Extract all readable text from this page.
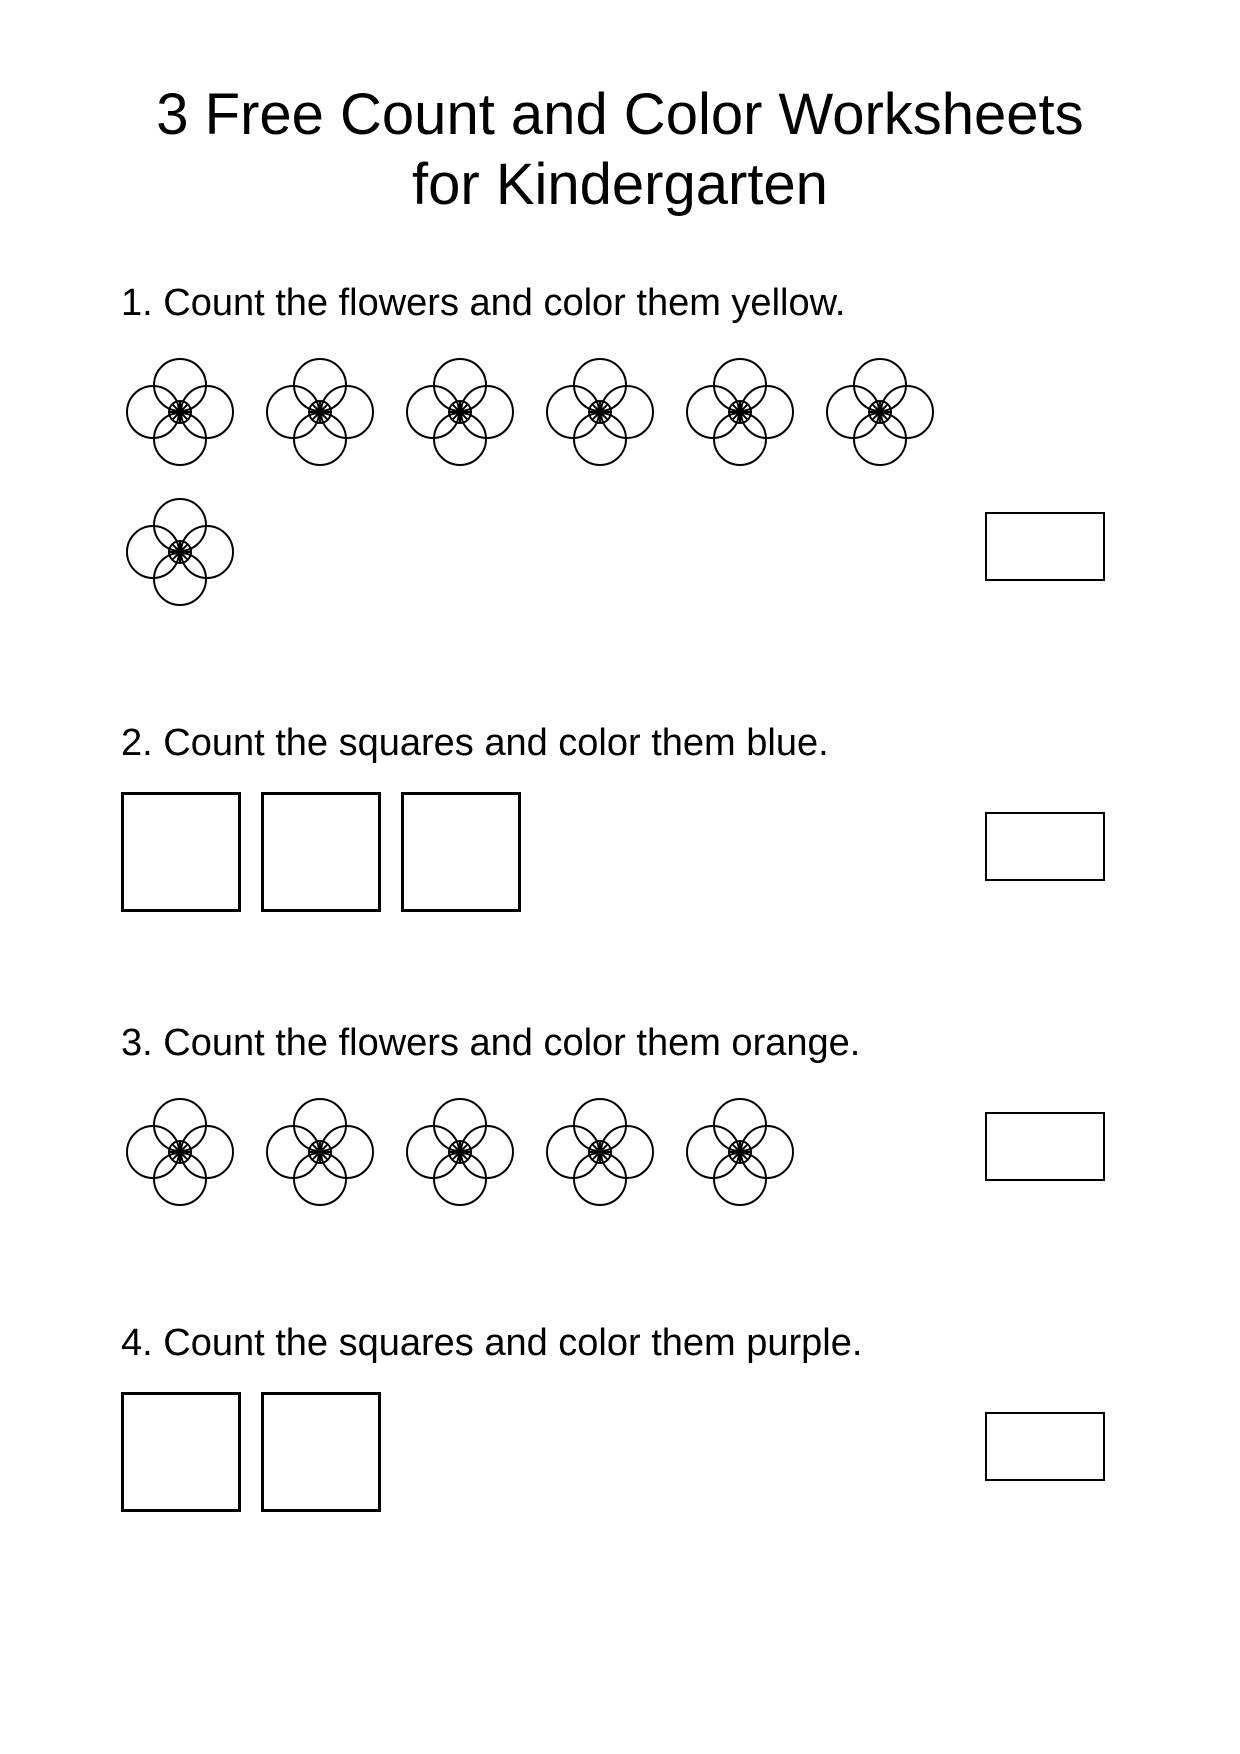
3 Free Count and Color Worksheets
for Kindergarten
1. Count the flowers and color them yellow.
2. Count the squares and color them blue.
3. Count the flowers and color them orange.
4. Count the squares and color them purple.
